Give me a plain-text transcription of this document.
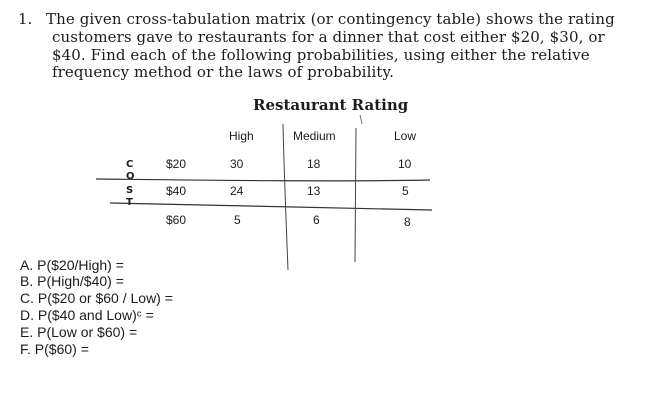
1. The given cross-tabulation matrix (or contingency table) shows the rating
customers gave to restaurants for a dinner that cost either $20, $30, or
$40. Find each of the following probabilities, using either the relative
frequency method or the laws of probability.
Restaurant Rating
High	Medium	Low
C
O
S
T
$20	30	18	10
$40	24	13	5
$60	5	6	8
A. P($20/High) =
B. P(High/$40) =
C. P($20 or $60 / Low) =
D. P($40 and Low)ᶜ =
E. P(Low or $60) =
F. P($60) =
